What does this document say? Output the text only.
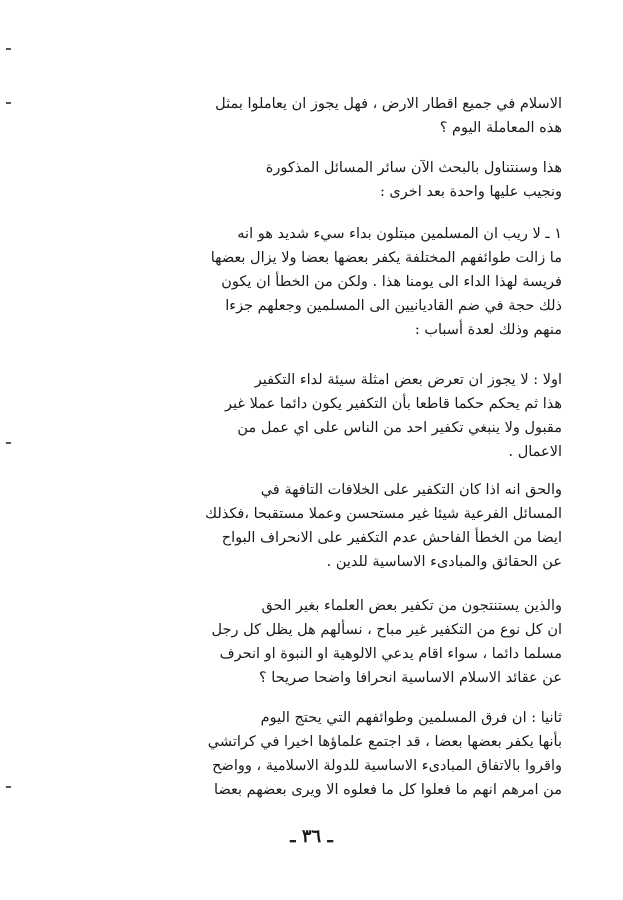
الاسلام في جميع اقطار الارض ، فهل يجوز ان يعاملوا بمثل
هذه المعاملة اليوم ؟
هذا وسنتناول بالبحث الآن سائر المسائل المذكورة
ونجيب عليها واحدة بعد اخرى :
١ ـ لا ريب ان المسلمين مبتلون بداء سيء شديد هو انه
ما زالت طوائفهم المختلفة يكفر بعضها بعضا ولا يزال بعضها
فريسة لهذا الداء الى يومنا هذا . ولكن من الخطأ ان يكون
ذلك حجة في ضم القاديانيين الى المسلمين وجعلهم جزءا
منهم وذلك لعدة أسباب :
اولا : لا يجوز ان تعرض بعض امثلة سيئة لداء التكفير
هذا ثم يحكم حكما قاطعا بأن التكفير يكون دائما عملا غير
مقبول ولا ينبغي تكفير احد من الناس على اي عمل من
الاعمال .
والحق انه اذا كان التكفير على الخلافات التافهة في
المسائل الفرعية شيئا غير مستحسن وعملا مستقبحا ،فكذلك
ايضا من الخطأ الفاحش عدم التكفير على الانحراف البواح
عن الحقائق والمبادىء الاساسية للدين .
والذين يستنتجون من تكفير بعض العلماء بغير الحق
ان كل نوع من التكفير غير مباح ، نسألهم هل يظل كل رجل
مسلما دائما ، سواء اقام يدعي الالوهية او النبوة او انحرف
عن عقائد الاسلام الاساسية انحرافا واضحا صريحا ؟
ثانيا : ان فرق المسلمين وطوائفهم التي يحتج اليوم
بأنها يكفر بعضها بعضا ، قد اجتمع علماؤها اخيرا في كراتشي
واقروا بالاتفاق المبادىء الاساسية للدولة الاسلامية ، وواضح
من امرهم انهم ما فعلوا كل ما فعلوه الا ويرى بعضهم بعضا
ـ ٣٦ ـ
